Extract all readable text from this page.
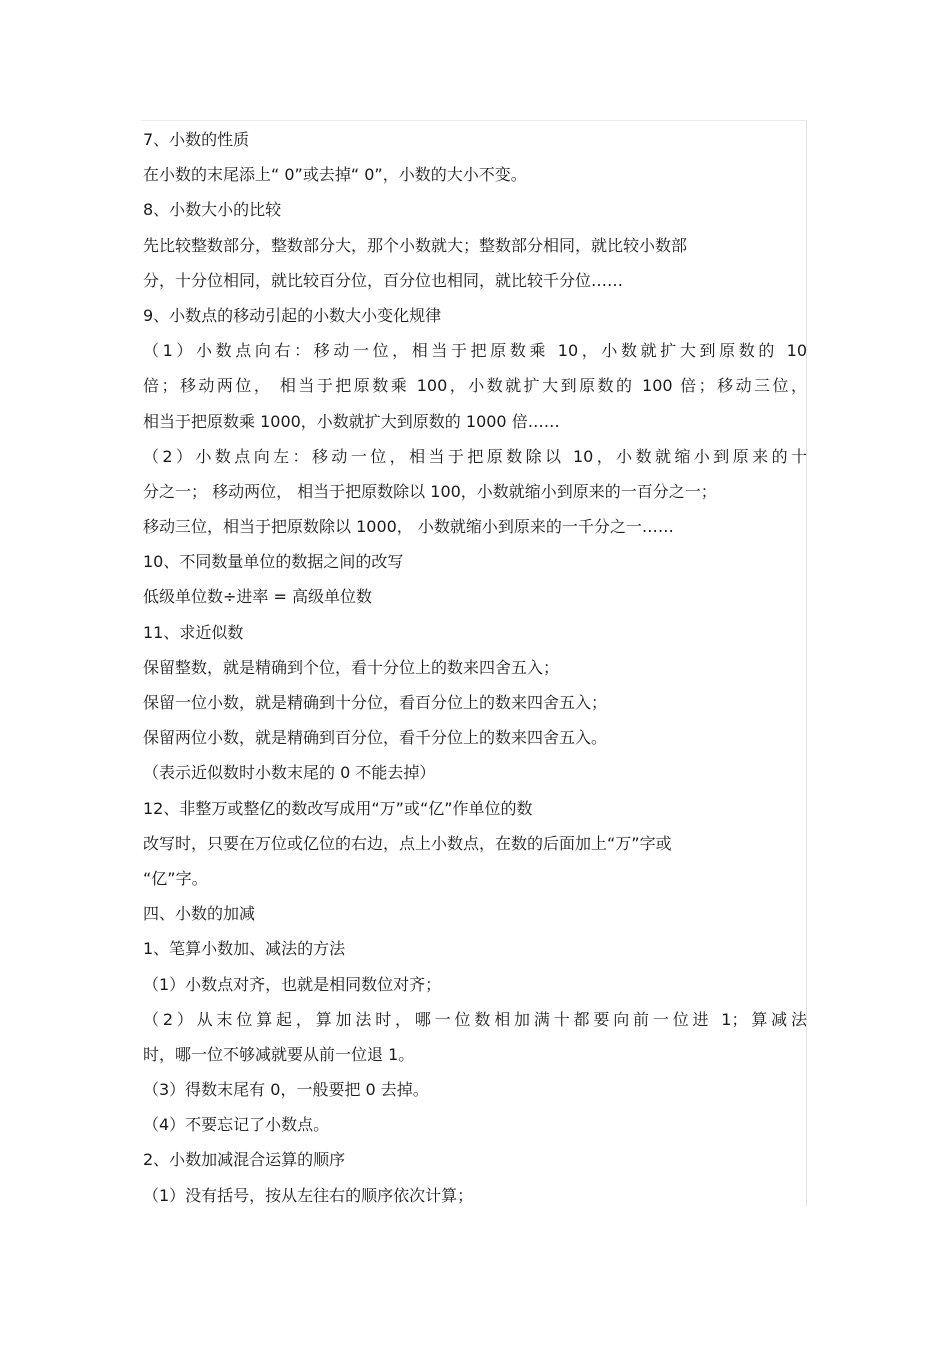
7、小数的性质
在小数的末尾添上“ 0”或去掉“ 0”，小数的大小不变。
8、小数大小的比较
先比较整数部分，整数部分大，那个小数就大；整数部分相同，就比较小数部
分，十分位相同，就比较百分位，百分位也相同，就比较千分位……
9、小数点的移动引起的小数大小变化规律
（1）小数点向右：移动一位，相当于把原数乘 10，小数就扩大到原数的 10
倍；移动两位， 相当于把原数乘 100，小数就扩大到原数的 100 倍；移动三位，
相当于把原数乘 1000，小数就扩大到原数的 1000 倍……
（2）小数点向左：移动一位，相当于把原数除以 10，小数就缩小到原来的十
分之一； 移动两位， 相当于把原数除以 100，小数就缩小到原来的一百分之一；
移动三位，相当于把原数除以 1000， 小数就缩小到原来的一千分之一……
10、不同数量单位的数据之间的改写
低级单位数÷进率 = 高级单位数
11、求近似数
保留整数，就是精确到个位，看十分位上的数来四舍五入；
保留一位小数，就是精确到十分位，看百分位上的数来四舍五入；
保留两位小数，就是精确到百分位，看千分位上的数来四舍五入。
（表示近似数时小数末尾的 0 不能去掉）
12、非整万或整亿的数改写成用“万”或“亿”作单位的数
改写时，只要在万位或亿位的右边，点上小数点，在数的后面加上“万”字或
“亿”字。
四、小数的加减
1、笔算小数加、减法的方法
（1）小数点对齐，也就是相同数位对齐；
（2）从末位算起，算加法时，哪一位数相加满十都要向前一位进 1；算减法
时，哪一位不够减就要从前一位退 1。
（3）得数末尾有 0，一般要把 0 去掉。
（4）不要忘记了小数点。
2、小数加减混合运算的顺序
（1）没有括号，按从左往右的顺序依次计算；
